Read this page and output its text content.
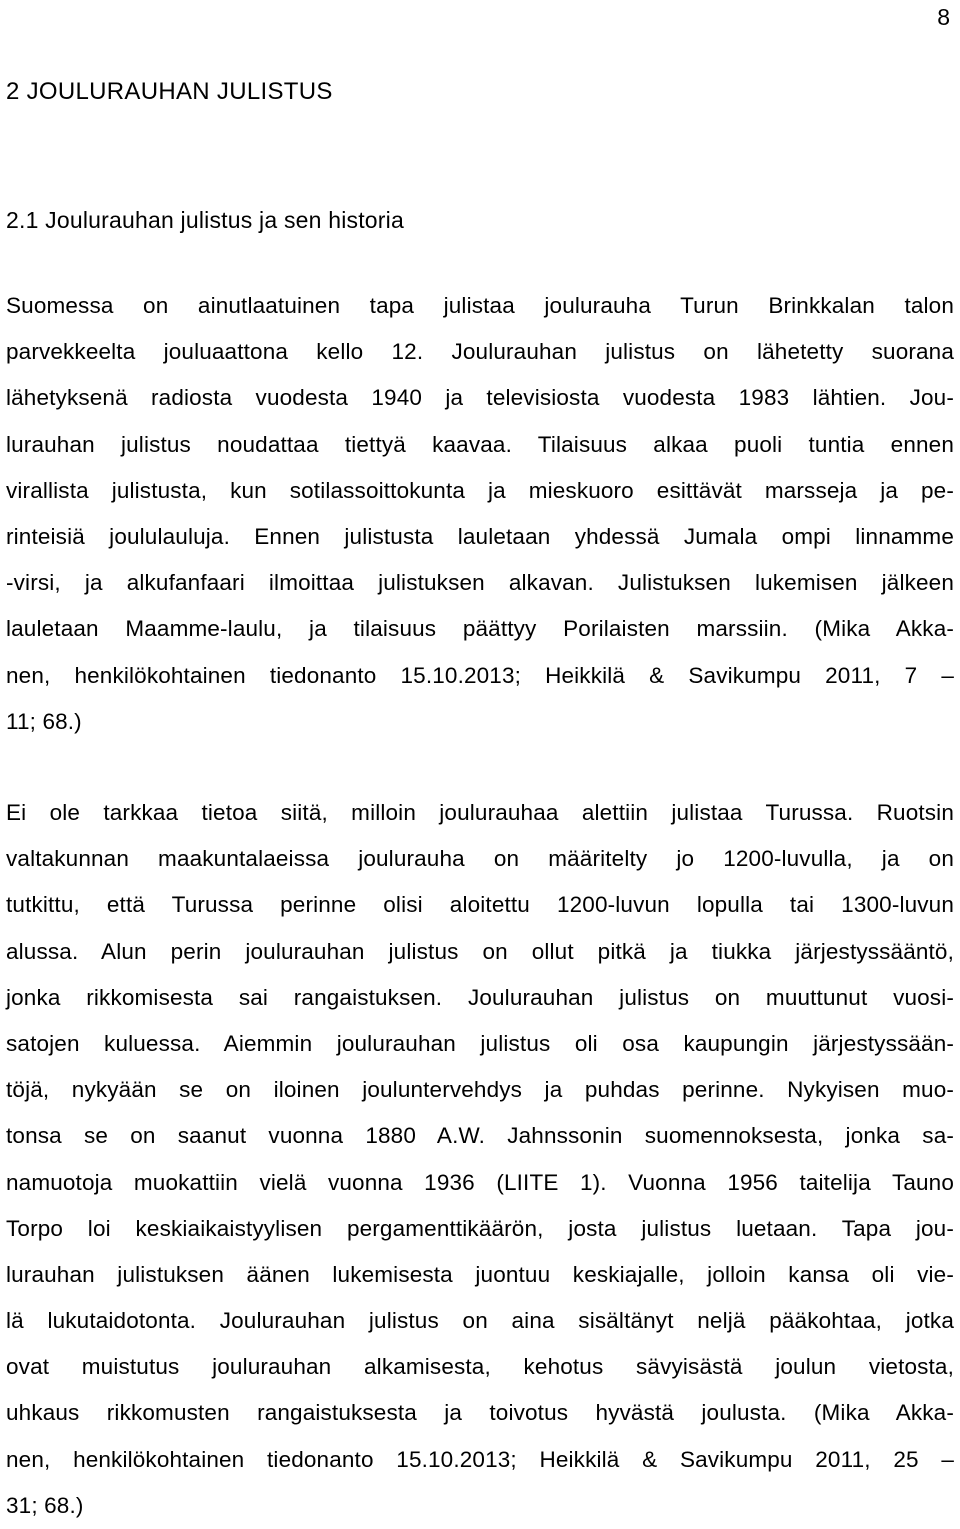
8
2 JOULURAUHAN JULISTUS
2.1 Joulurauhan julistus ja sen historia
Suomessa on ainutlaatuinen tapa julistaa joulurauha Turun Brinkkalan talon
parvekkeelta jouluaattona kello 12. Joulurauhan julistus on lähetetty suorana
lähetyksenä radiosta vuodesta 1940 ja televisiosta vuodesta 1983 lähtien. Jou-
lurauhan julistus noudattaa tiettyä kaavaa. Tilaisuus alkaa puoli tuntia ennen
virallista julistusta, kun sotilassoittokunta ja mieskuoro esittävät marsseja ja pe-
rinteisiä joululauluja. Ennen julistusta lauletaan yhdessä Jumala ompi linnamme
-virsi, ja alkufanfaari ilmoittaa julistuksen alkavan. Julistuksen lukemisen jälkeen
lauletaan Maamme-laulu, ja tilaisuus päättyy Porilaisten marssiin. (Mika Akka-
nen, henkilökohtainen tiedonanto 15.10.2013; Heikkilä & Savikumpu 2011, 7 –
11; 68.)
Ei ole tarkkaa tietoa siitä, milloin joulurauhaa alettiin julistaa Turussa. Ruotsin
valtakunnan maakuntalaeissa joulurauha on määritelty jo 1200-luvulla, ja on
tutkittu, että Turussa perinne olisi aloitettu 1200-luvun lopulla tai 1300-luvun
alussa. Alun perin joulurauhan julistus on ollut pitkä ja tiukka järjestyssääntö,
jonka rikkomisesta sai rangaistuksen. Joulurauhan julistus on muuttunut vuosi-
satojen kuluessa. Aiemmin joulurauhan julistus oli osa kaupungin järjestyssään-
töjä, nykyään se on iloinen jouluntervehdys ja puhdas perinne. Nykyisen muo-
tonsa se on saanut vuonna 1880 A.W. Jahnssonin suomennoksesta, jonka sa-
namuotoja muokattiin vielä vuonna 1936 (LIITE 1). Vuonna 1956 taitelija Tauno
Torpo loi keskiaikaistyylisen pergamenttikäärön, josta julistus luetaan. Tapa jou-
lurauhan julistuksen äänen lukemisesta juontuu keskiajalle, jolloin kansa oli vie-
lä lukutaidotonta. Joulurauhan julistus on aina sisältänyt neljä pääkohtaa, jotka
ovat muistutus joulurauhan alkamisesta, kehotus sävyisästä joulun vietosta,
uhkaus rikkomusten rangaistuksesta ja toivotus hyvästä joulusta. (Mika Akka-
nen, henkilökohtainen tiedonanto 15.10.2013; Heikkilä & Savikumpu 2011, 25 –
31; 68.)
